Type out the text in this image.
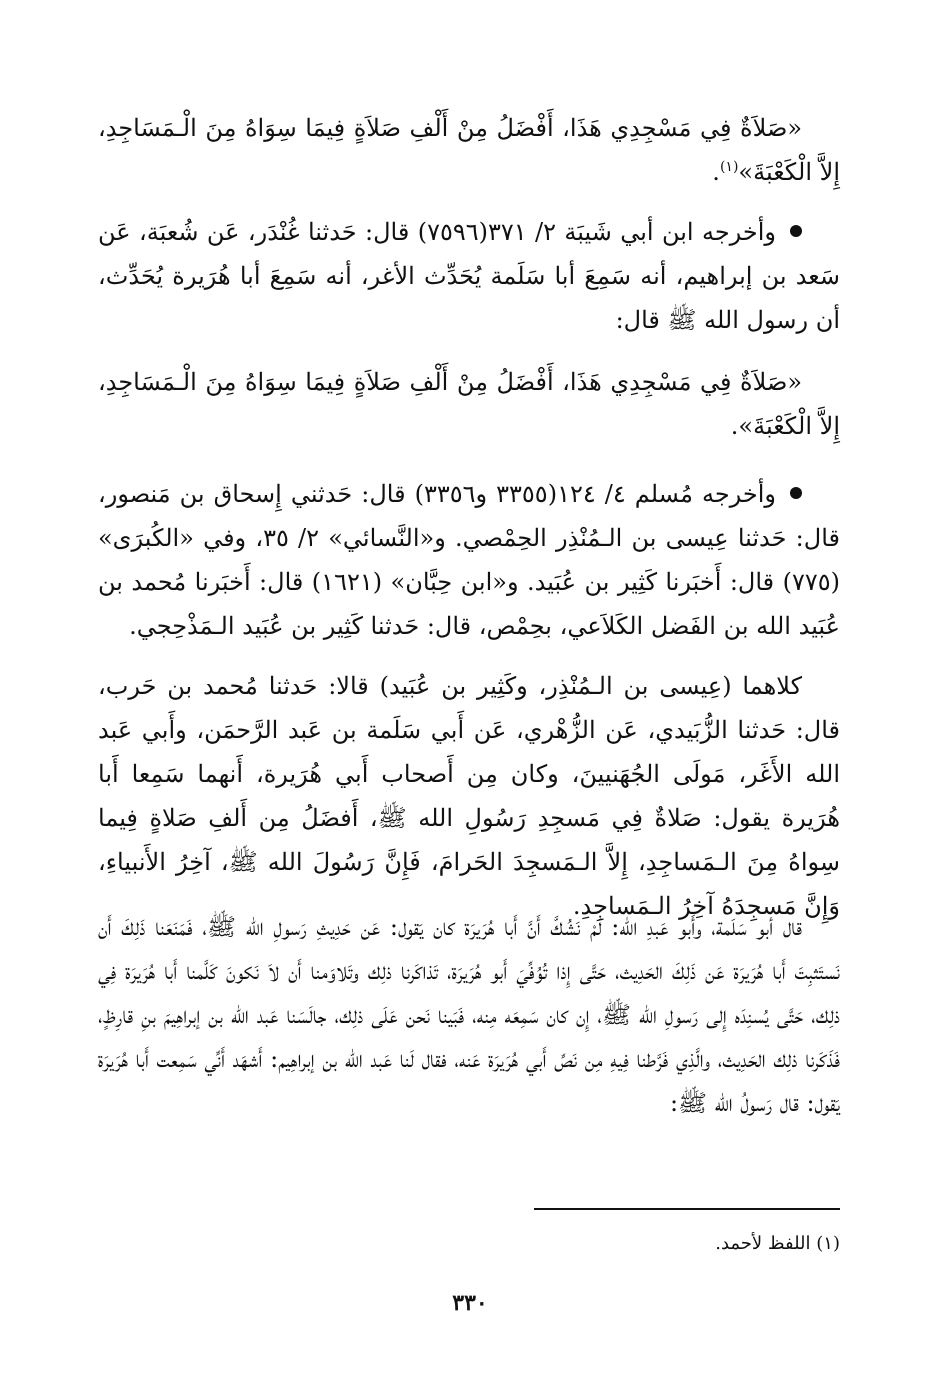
«صَلاَةٌ فِي مَسْجِدِي هَذَا، أَفْضَلُ مِنْ أَلْفِ صَلاَةٍ فِيمَا سِوَاهُ مِنَ الْـمَسَاجِدِ، إِلاَّ الْكَعْبَةَ»$^{(١)}$.

وأخرجه ابن أبي شَيبَة ٢/ ٣٧١(٧٥٩٦) قال: حَدثنا غُنْدَر، عَن شُعبَة، عَن سَعد بن إبراهيم، أنه سَمِعَ أبا سَلَمة يُحَدِّث الأغر، أنه سَمِعَ أبا هُرَيرة يُحَدِّث، أن رسول الله ﷺ قال:

«صَلاَةٌ فِي مَسْجِدِي هَذَا، أَفْضَلُ مِنْ أَلْفِ صَلاَةٍ فِيمَا سِوَاهُ مِنَ الْـمَسَاجِدِ، إِلاَّ الْكَعْبَةَ».

وأخرجه مُسلم ٤/ ١٢٤(٣٣٥٥ و٣٣٥٦) قال: حَدثني إِسحاق بن مَنصور، قال: حَدثنا عِيسى بن الـمُنْذِر الحِمْصي. و«النَّسائي» ٢/ ٣٥، وفي «الكُبرَى» (٧٧٥) قال: أَخبَرنا كَثِير بن عُبَيد. و«ابن حِبَّان» (١٦٢١) قال: أَخبَرنا مُحمد بن عُبَيد الله بن الفَضل الكَلاَعي، بحِمْص، قال: حَدثنا كَثِير بن عُبَيد الـمَذْحِجي.

كلاهما (عِيسى بن الـمُنْذِر، وكَثِير بن عُبَيد) قالا: حَدثنا مُحمد بن حَرب، قال: حَدثنا الزُّبَيدي، عَن الزُّهْري، عَن أَبي سَلَمة بن عَبد الرَّحمَن، وأَبي عَبد الله الأَغَر، مَولَى الجُهَنيينَ، وكان مِن أَصحاب أَبي هُرَيرة، أَنهما سَمِعا أَبا هُرَيرة يقول: صَلاةٌ فِي مَسجِدِ رَسُولِ الله ﷺ، أَفضَلُ مِن أَلفِ صَلاةٍ فِيما سِواهُ مِنَ الـمَساجِدِ، إِلاَّ الـمَسجِدَ الحَرامَ، فَإِنَّ رَسُولَ الله ﷺ، آخِرُ الأَنبياءِ، وَإِنَّ مَسجِدَهُ آخِرُ الـمَساجِدِ.

قال أبو سَلَمة، وأَبو عَبدِ الله: لَمْ نَشُكَّ أَنَّ أَبا هُرَيرَة كان يَقول: عَن حَدِيثِ رَسولِ الله ﷺ، فَمَنَعَنا ذَلِكَ أَن نَستَثبِتَ أَبا هُرَيرَة عَن ذَلِكَ الحَدِيث، حَتَّى إِذا تُوُفِّيَ أَبو هُرَيرَة، تَذاكَرنا ذلِك وتَلاوَمنا أَن لاَ نَكونَ كَلَّمنا أَبا هُرَيرَة فِي ذلِك، حَتَّى يُسنِدَه إِلى رَسولِ الله ﷺ، إِن كان سَمِعَه مِنه، فَبَينا نَحن عَلَى ذلِك، جالَسَنا عَبد الله بن إبراهِيمَ بنِ قارِظٍ، فَذَكَرنا ذلِك الحَدِيث، والَّذِي فَرَّطنا فِيهِ مِن نَصِّ أَبي هُرَيرَة عَنه، فقال لَنا عَبد الله بن إبراهِيم: أَشهَد أَنِّي سَمِعت أَبا هُرَيرَة يَقول: قال رَسولُ الله ﷺ:

(١) اللفظ لأحمد.

٣٣٠
